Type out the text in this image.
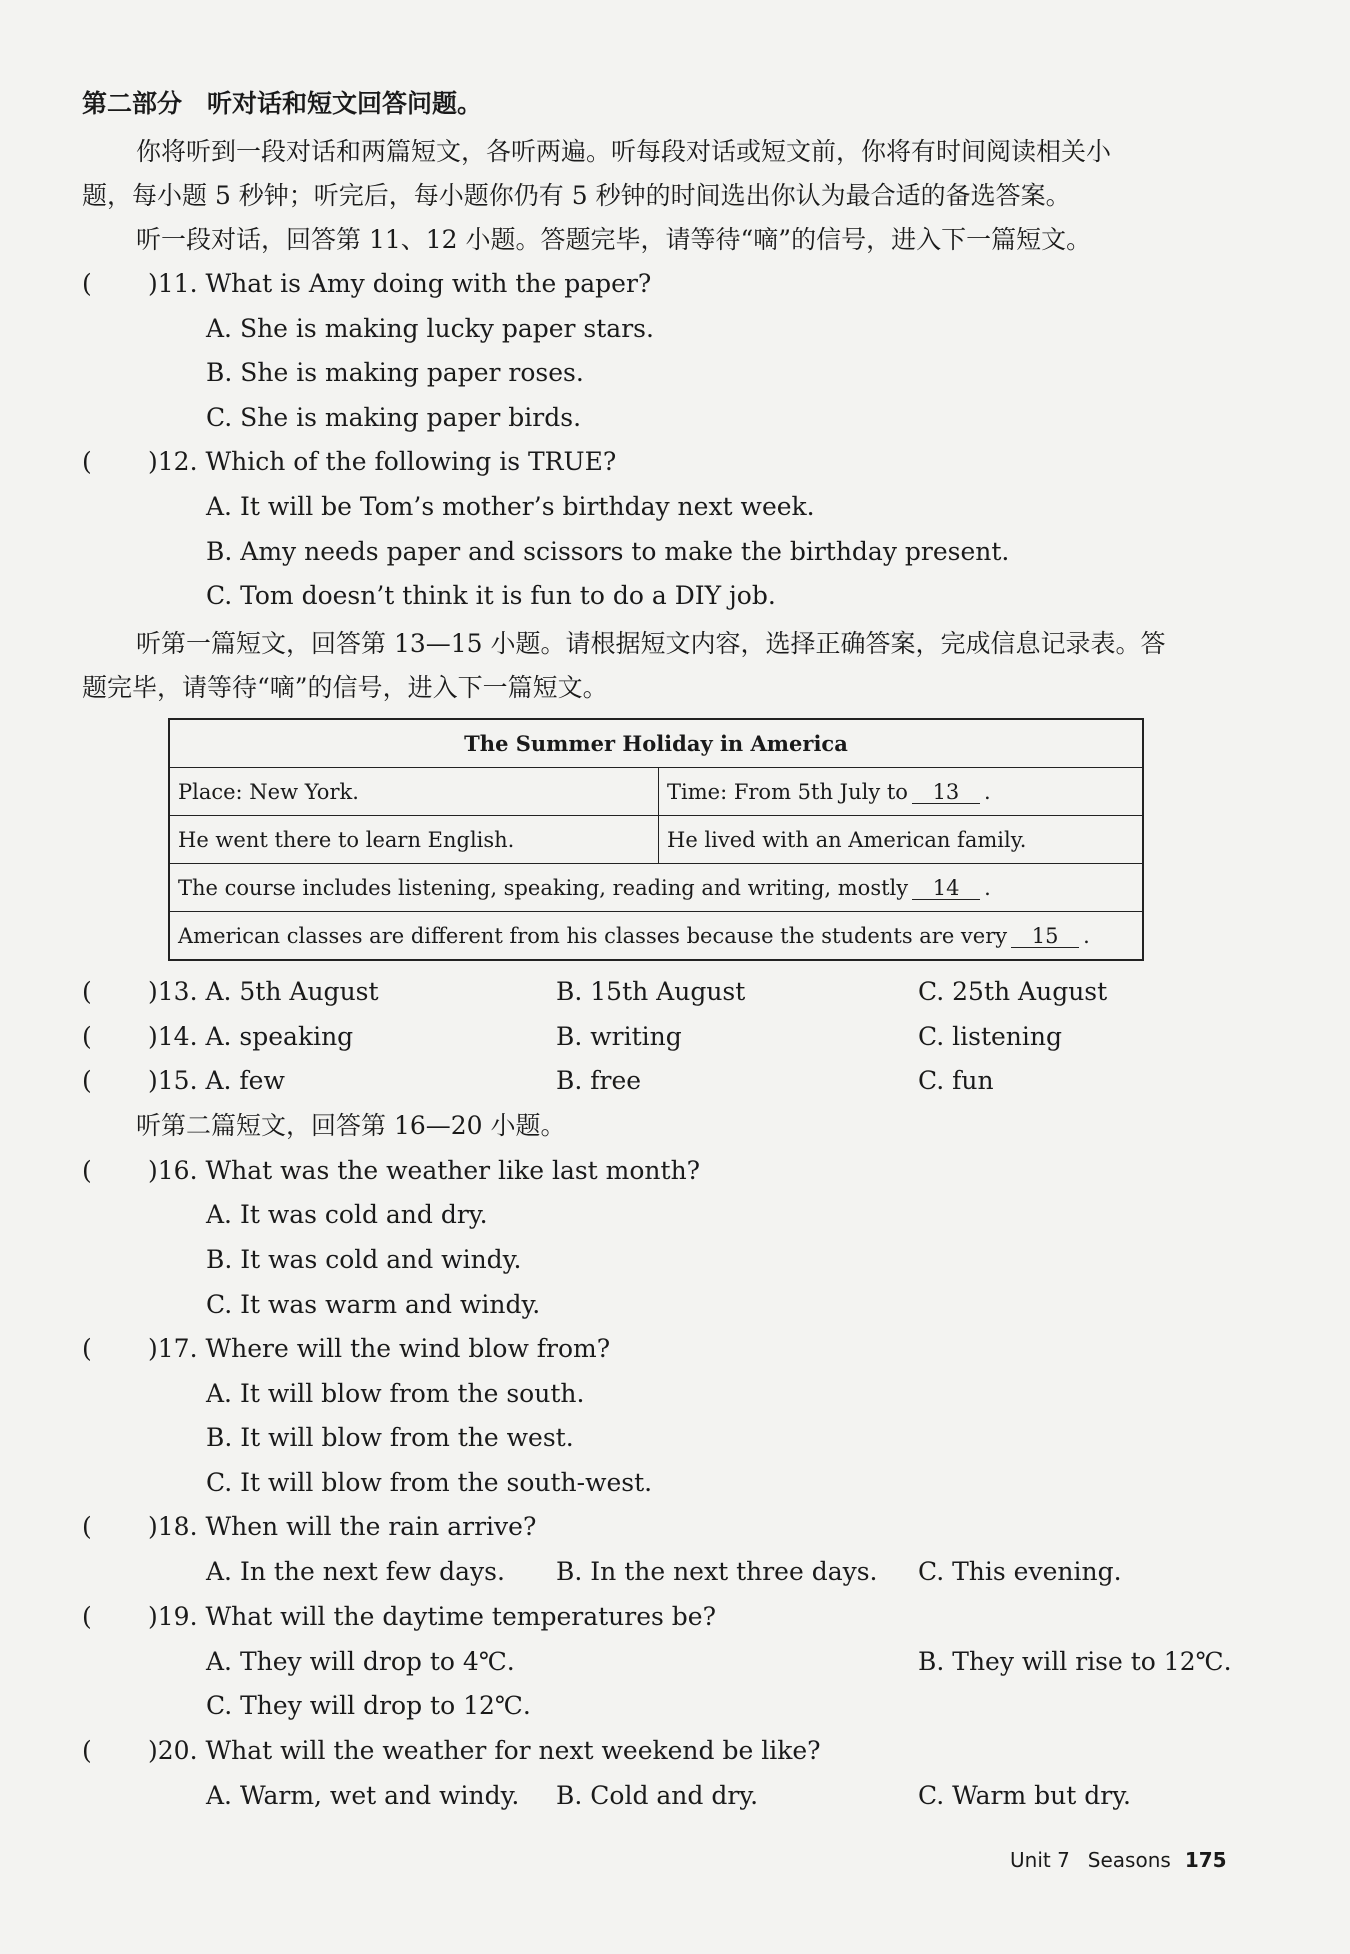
第二部分　听对话和短文回答问题。
你将听到一段对话和两篇短文，各听两遍。听每段对话或短文前，你将有时间阅读相关小
题，每小题 5 秒钟；听完后，每小题你仍有 5 秒钟的时间选出你认为最合适的备选答案。
听一段对话，回答第 11、12 小题。答题完毕，请等待“嘀”的信号，进入下一篇短文。
( )11. What is Amy doing with the paper?
A. She is making lucky paper stars.
B. She is making paper roses.
C. She is making paper birds.
( )12. Which of the following is TRUE?
A. It will be Tom’s mother’s birthday next week.
B. Amy needs paper and scissors to make the birthday present.
C. Tom doesn’t think it is fun to do a DIY job.
听第一篇短文，回答第 13—15 小题。请根据短文内容，选择正确答案，完成信息记录表。答
题完毕，请等待“嘀”的信号，进入下一篇短文。
The Summer Holiday in America	
Place: New York.	Time: From 5th July to 13 .
He went there to learn English.	He lived with an American family.
The course includes listening, speaking, reading and writing, mostly 14 .	
American classes are different from his classes because the students are very 15 .	
( )13. A. 5th August	B. 15th August	C. 25th August
( )14. A. speaking	B. writing	C. listening
( )15. A. few	B. free	C. fun
听第二篇短文，回答第 16—20 小题。
( )16. What was the weather like last month?
A. It was cold and dry.
B. It was cold and windy.
C. It was warm and windy.
( )17. Where will the wind blow from?
A. It will blow from the south.
B. It will blow from the west.
C. It will blow from the south-west.
( )18. When will the rain arrive?
A. In the next few days. B. In the next three days. C. This evening.
( )19. What will the daytime temperatures be?
A. They will drop to 4℃.	B. They will rise to 12℃.
C. They will drop to 12℃.
( )20. What will the weather for next weekend be like?
A. Warm, wet and windy. B. Cold and dry.	C. Warm but dry.
Unit 7 Seasons 175
